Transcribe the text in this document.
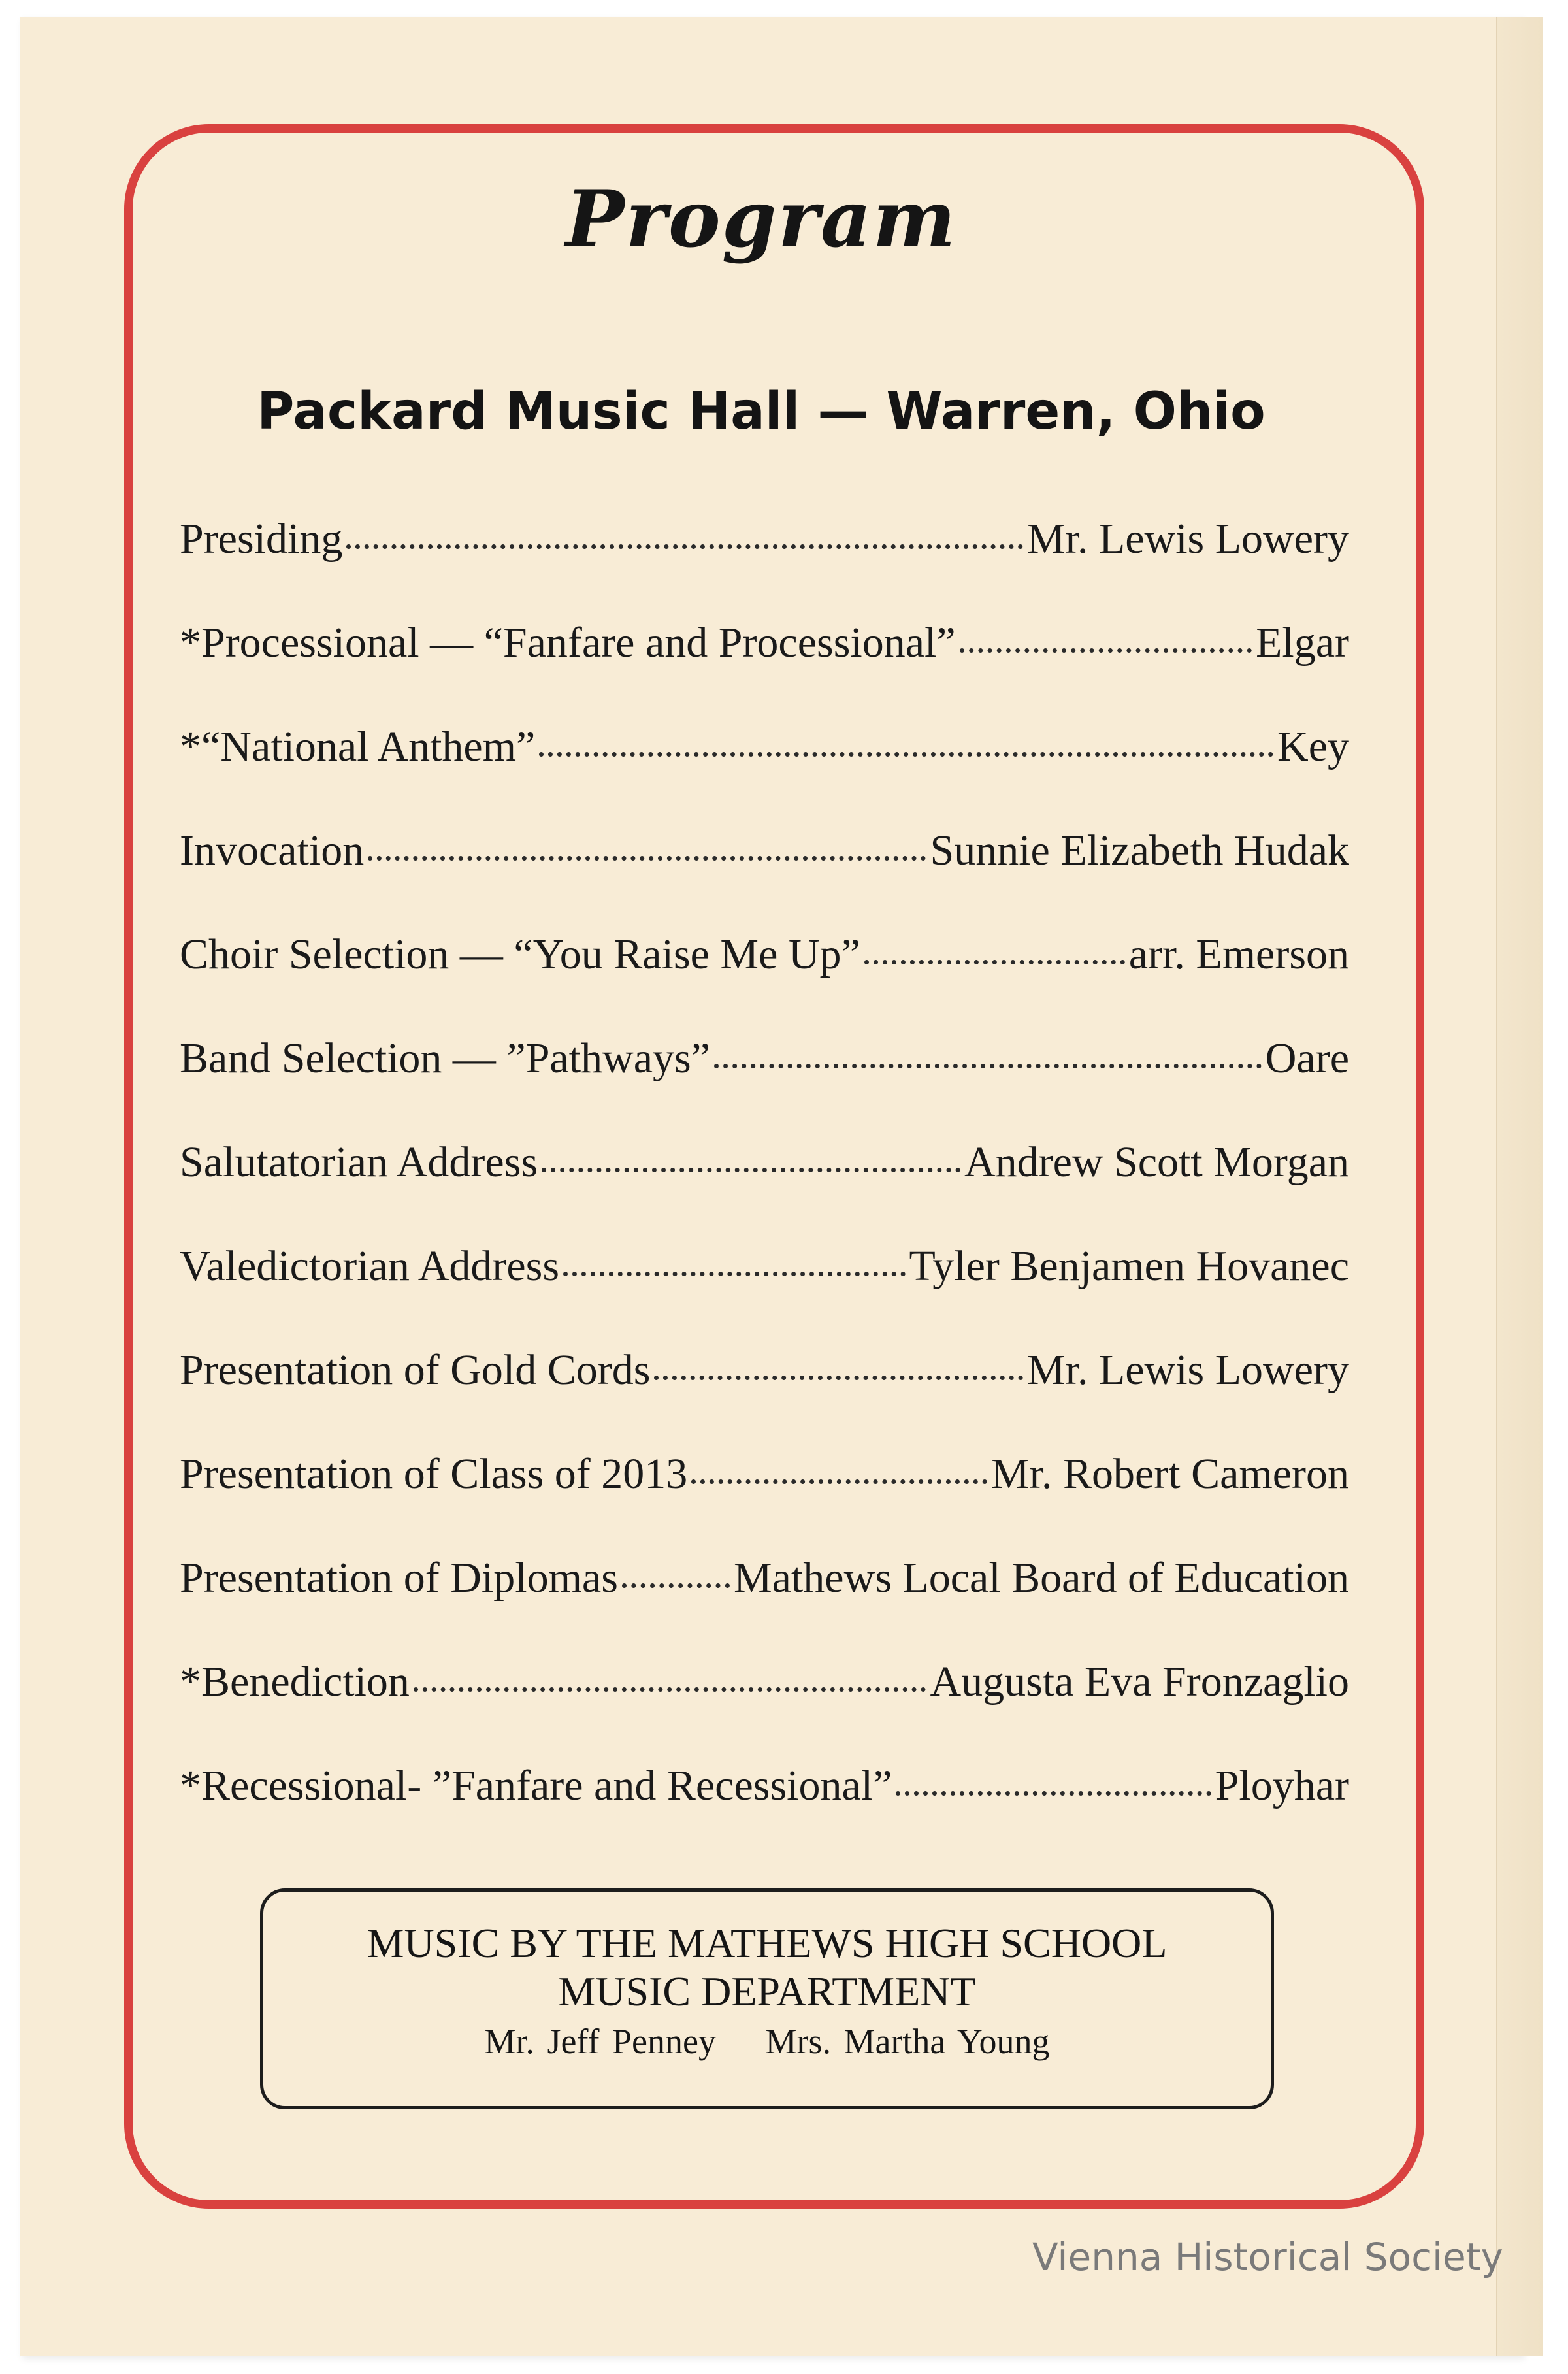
Program
Packard Music Hall — Warren, Ohio
Presiding	Mr. Lewis Lowery
*Processional — “Fanfare and Processional”	Elgar
*“National Anthem”	Key
Invocation	Sunnie Elizabeth Hudak
Choir Selection — “You Raise Me Up”	arr. Emerson
Band Selection — ”Pathways”	Oare
Salutatorian Address	Andrew Scott Morgan
Valedictorian Address	Tyler Benjamen Hovanec
Presentation of Gold Cords	Mr. Lewis Lowery
Presentation of Class of 2013	Mr. Robert Cameron
Presentation of Diplomas	Mathews Local Board of Education
*Benediction	Augusta Eva Fronzaglio
*Recessional- ”Fanfare and Recessional”	Ployhar
MUSIC BY THE MATHEWS HIGH SCHOOL
MUSIC DEPARTMENT
Mr. Jeff Penney Mrs. Martha Young
Vienna Historical Society
